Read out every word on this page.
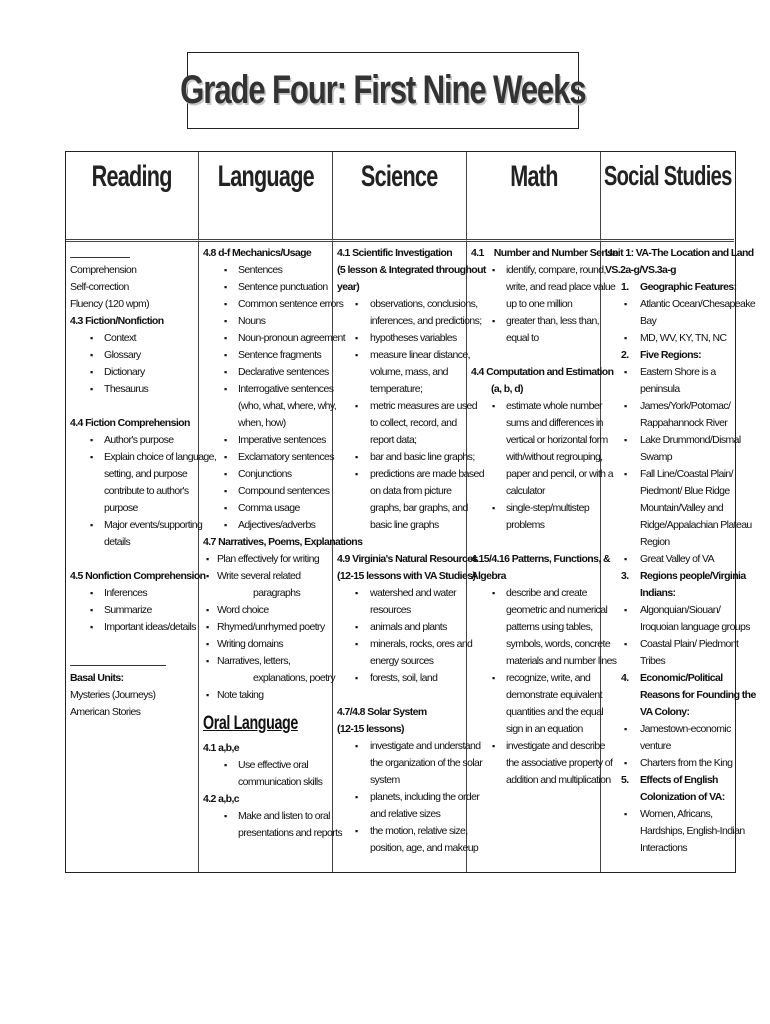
Grade Four: First Nine Weeks
Reading Language Science Math Social Studies
Comprehension
Self-correction
Fluency (120 wpm)
4.3 Fiction/Nonfiction
▪ Context
▪ Glossary
▪ Dictionary
▪ Thesaurus
4.4 Fiction Comprehension
▪ Author's purpose
▪ Explain choice of language,
setting, and purpose
contribute to author's
purpose
▪ Major events/supporting
details
4.5 Nonfiction Comprehension
▪ Inferences
▪ Summarize
▪ Important ideas/details
Basal Units:
Mysteries (Journeys)
American Stories
4.8 d-f Mechanics/Usage
▪ Sentences
▪ Sentence punctuation
▪ Common sentence errors
▪ Nouns
▪ Noun-pronoun agreement
▪ Sentence fragments
▪ Declarative sentences
▪ Interrogative sentences
(who, what, where, why,
when, how)
▪ Imperative sentences
▪ Exclamatory sentences
▪ Conjunctions
▪ Compound sentences
▪ Comma usage
▪ Adjectives/adverbs
4.7 Narratives, Poems, Explanations
▪ Plan effectively for writing
▪ Write several related
paragraphs
▪ Word choice
▪ Rhymed/unrhymed poetry
▪ Writing domains
▪ Narratives, letters,
explanations, poetry
▪ Note taking
Oral Language
4.1 a,b,e
▪ Use effective oral
communication skills
4.2 a,b,c
▪ Make and listen to oral
presentations and reports
4.1 Scientific Investigation
(5 lesson & Integrated throughout
year)
▪ observations, conclusions,
inferences, and predictions;
▪ hypotheses variables
▪ measure linear distance,
volume, mass, and
temperature;
▪ metric measures are used
to collect, record, and
report data;
▪ bar and basic line graphs;
▪ predictions are made based
on data from picture
graphs, bar graphs, and
basic line graphs
4.9 Virginia's Natural Resources
(12-15 lessons with VA Studies)
▪ watershed and water
resources
▪ animals and plants
▪ minerals, rocks, ores and
energy sources
▪ forests, soil, land
4.7/4.8 Solar System
(12-15 lessons)
▪ investigate and understand
the organization of the solar
system
▪ planets, including the order
and relative sizes
▪ the motion, relative size,
position, age, and makeup
4.1 Number and Number Sense
▪ identify, compare, round,
write, and read place value
up to one million
▪ greater than, less than,
equal to
4.4 Computation and Estimation
(a, b, d)
▪ estimate whole number
sums and differences in
vertical or horizontal form
with/without regrouping,
paper and pencil, or with a
calculator
▪ single-step/multistep
problems
4.15/4.16 Patterns, Functions, &
Algebra
▪ describe and create
geometric and numerical
patterns using tables,
symbols, words, concrete
materials and number lines
▪ recognize, write, and
demonstrate equivalent
quantities and the equal
sign in an equation
▪ investigate and describe
the associative property of
addition and multiplication
Unit 1: VA-The Location and Land
VS.2a-g/VS.3a-g
1. Geographic Features:
▪ Atlantic Ocean/Chesapeake
Bay
▪ MD, WV, KY, TN, NC
2. Five Regions:
▪ Eastern Shore is a
peninsula
▪ James/York/Potomac/
Rappahannock River
▪ Lake Drummond/Dismal
Swamp
▪ Fall Line/Coastal Plain/
Piedmont/ Blue Ridge
Mountain/Valley and
Ridge/Appalachian Plateau
Region
▪ Great Valley of VA
3. Regions people/Virginia
Indians:
▪ Algonquian/Siouan/
Iroquoian language groups
▪ Coastal Plain/ Piedmont
Tribes
4. Economic/Political
Reasons for Founding the
VA Colony:
▪ Jamestown-economic
venture
▪ Charters from the King
5. Effects of English
Colonization of VA:
▪ Women, Africans,
Hardships, English-Indian
Interactions
